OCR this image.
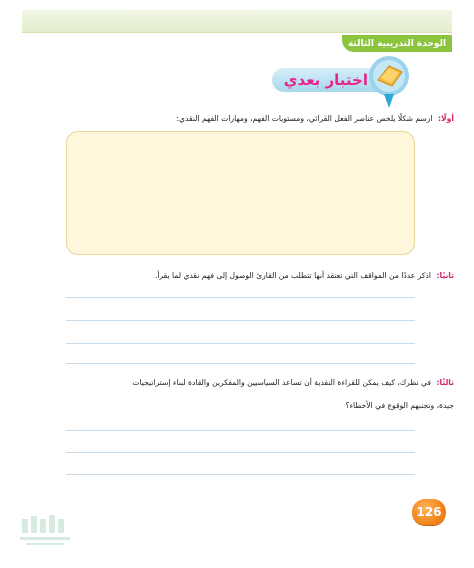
الوحدة التدريبية الثالثة
اختبار بعدي
أولًا: ارسم شكلًا يلخص عناصر الفعل القرائي، ومستويات الفهم، ومهارات الفهم النقدي:
ثانيًا: اذكر عددًا من المواقف التي تعتقد أنها تتطلب من القارئ الوصول إلى فهم نقدي لما يقرأ.
ثالثًا: في نظرك، كيف يمكن للقراءة النقدية أن تساعد السياسيين والمفكرين والقادة لبناء إستراتيجيات
جيدة، وتجنبهم الوقوع في الأخطاء؟
126
